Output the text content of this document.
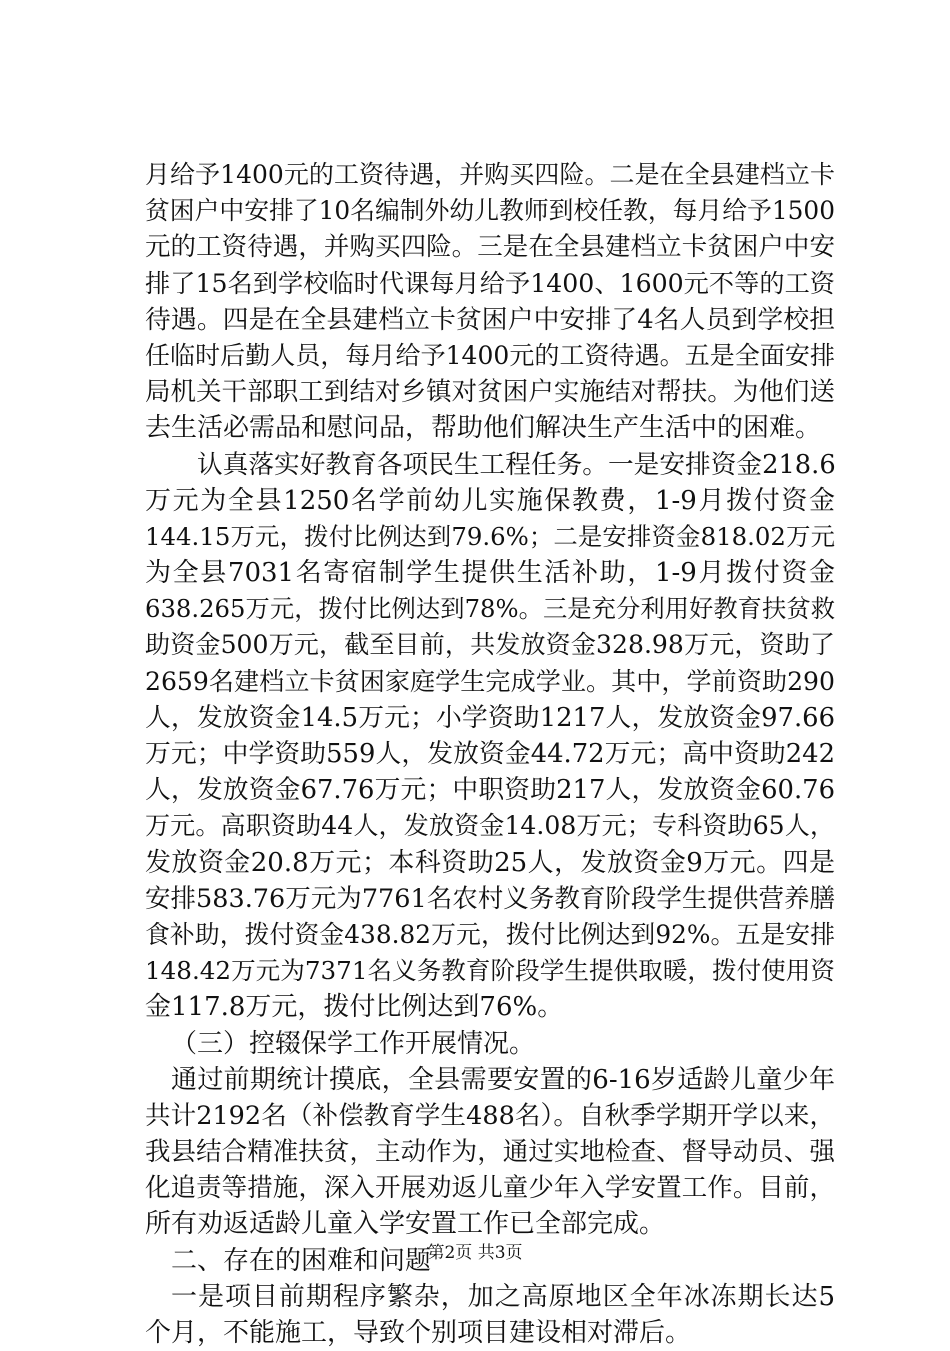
月给予1400元的工资待遇，并购买四险。二是在全县建档立卡
贫困户中安排了10名编制外幼儿教师到校任教，每月给予1500
元的工资待遇，并购买四险。三是在全县建档立卡贫困户中安
排了15名到学校临时代课每月给予1400、1600元不等的工资
待遇。四是在全县建档立卡贫困户中安排了4名人员到学校担
任临时后勤人员，每月给予1400元的工资待遇。五是全面安排
局机关干部职工到结对乡镇对贫困户实施结对帮扶。为他们送
去生活必需品和慰问品，帮助他们解决生产生活中的困难。
认真落实好教育各项民生工程任务。一是安排资金218.6
万元为全县1250名学前幼儿实施保教费，1-9月拨付资金
144.15万元，拨付比例达到79.6%；二是安排资金818.02万元
为全县7031名寄宿制学生提供生活补助，1-9月拨付资金
638.265万元，拨付比例达到78%。三是充分利用好教育扶贫救
助资金500万元，截至目前，共发放资金328.98万元，资助了
2659名建档立卡贫困家庭学生完成学业。其中，学前资助290
人，发放资金14.5万元；小学资助1217人，发放资金97.66
万元；中学资助559人，发放资金44.72万元；高中资助242
人，发放资金67.76万元；中职资助217人，发放资金60.76
万元。高职资助44人，发放资金14.08万元；专科资助65人，
发放资金20.8万元；本科资助25人，发放资金9万元。四是
安排583.76万元为7761名农村义务教育阶段学生提供营养膳
食补助，拨付资金438.82万元，拨付比例达到92%。五是安排
148.42万元为7371名义务教育阶段学生提供取暖，拨付使用资
金117.8万元，拨付比例达到76%。
（三）控辍保学工作开展情况。
通过前期统计摸底，全县需要安置的6-16岁适龄儿童少年
共计2192名（补偿教育学生488名）。自秋季学期开学以来，
我县结合精准扶贫，主动作为，通过实地检查、督导动员、强
化追责等措施，深入开展劝返儿童少年入学安置工作。目前，
所有劝返适龄儿童入学安置工作已全部完成。
二、存在的困难和问题
一是项目前期程序繁杂，加之高原地区全年冰冻期长达5
个月，不能施工，导致个别项目建设相对滞后。
第2页 共3页
